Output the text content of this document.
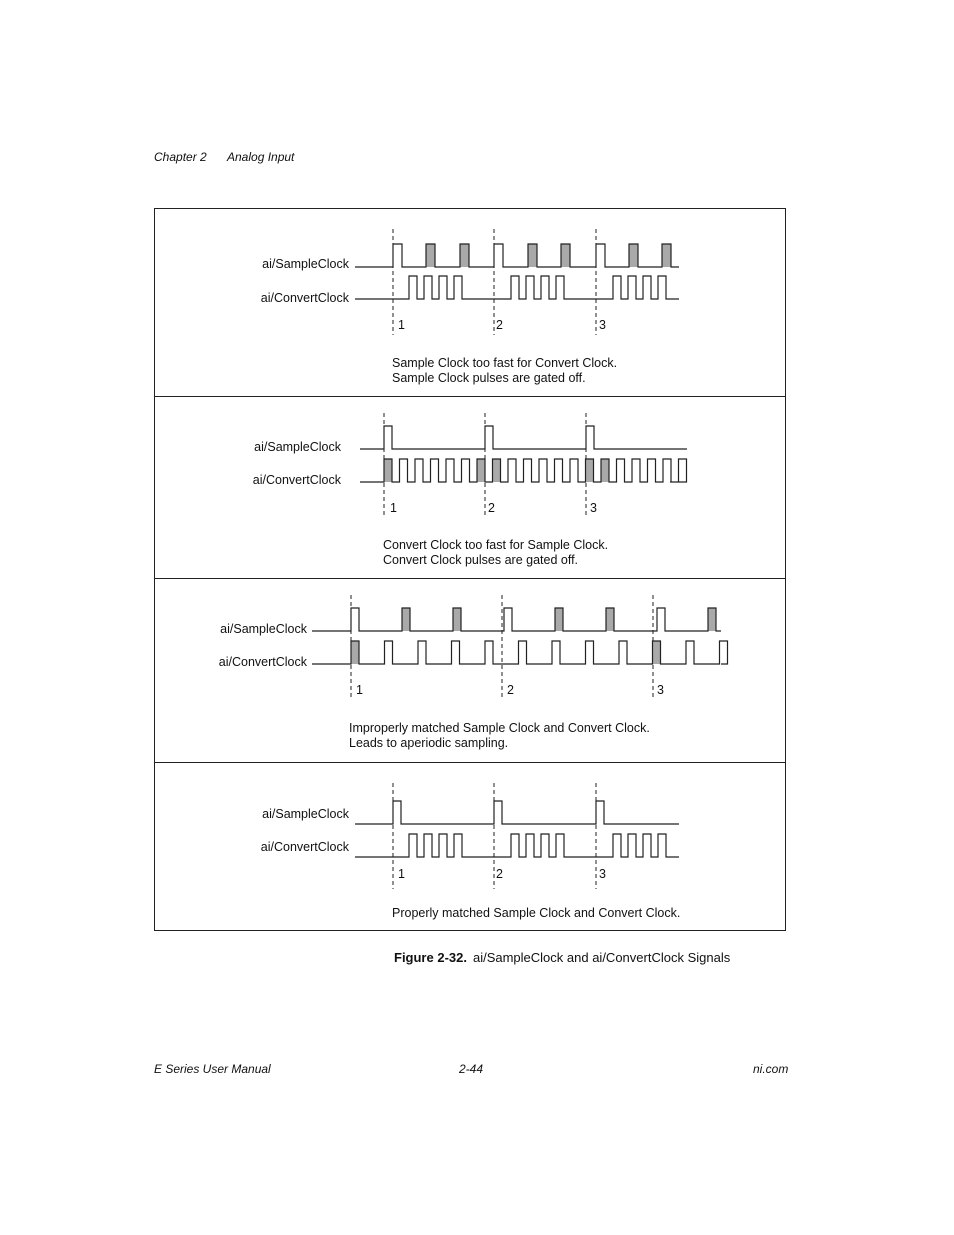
Chapter 2 Analog Input
ai/SampleClock
ai/ConvertClock
1	2	3
Sample Clock too fast for Convert Clock.
Sample Clock pulses are gated off.
ai/SampleClock
ai/ConvertClock
1	2	3
Convert Clock too fast for Sample Clock.
Convert Clock pulses are gated off.
ai/SampleClock
ai/ConvertClock
1	2	3
Improperly matched Sample Clock and Convert Clock.
Leads to aperiodic sampling.
ai/SampleClock
ai/ConvertClock
1	2	3
Properly matched Sample Clock and Convert Clock.
Figure 2-32. ai/SampleClock and ai/ConvertClock Signals
E Series User Manual	2-44	ni.com
